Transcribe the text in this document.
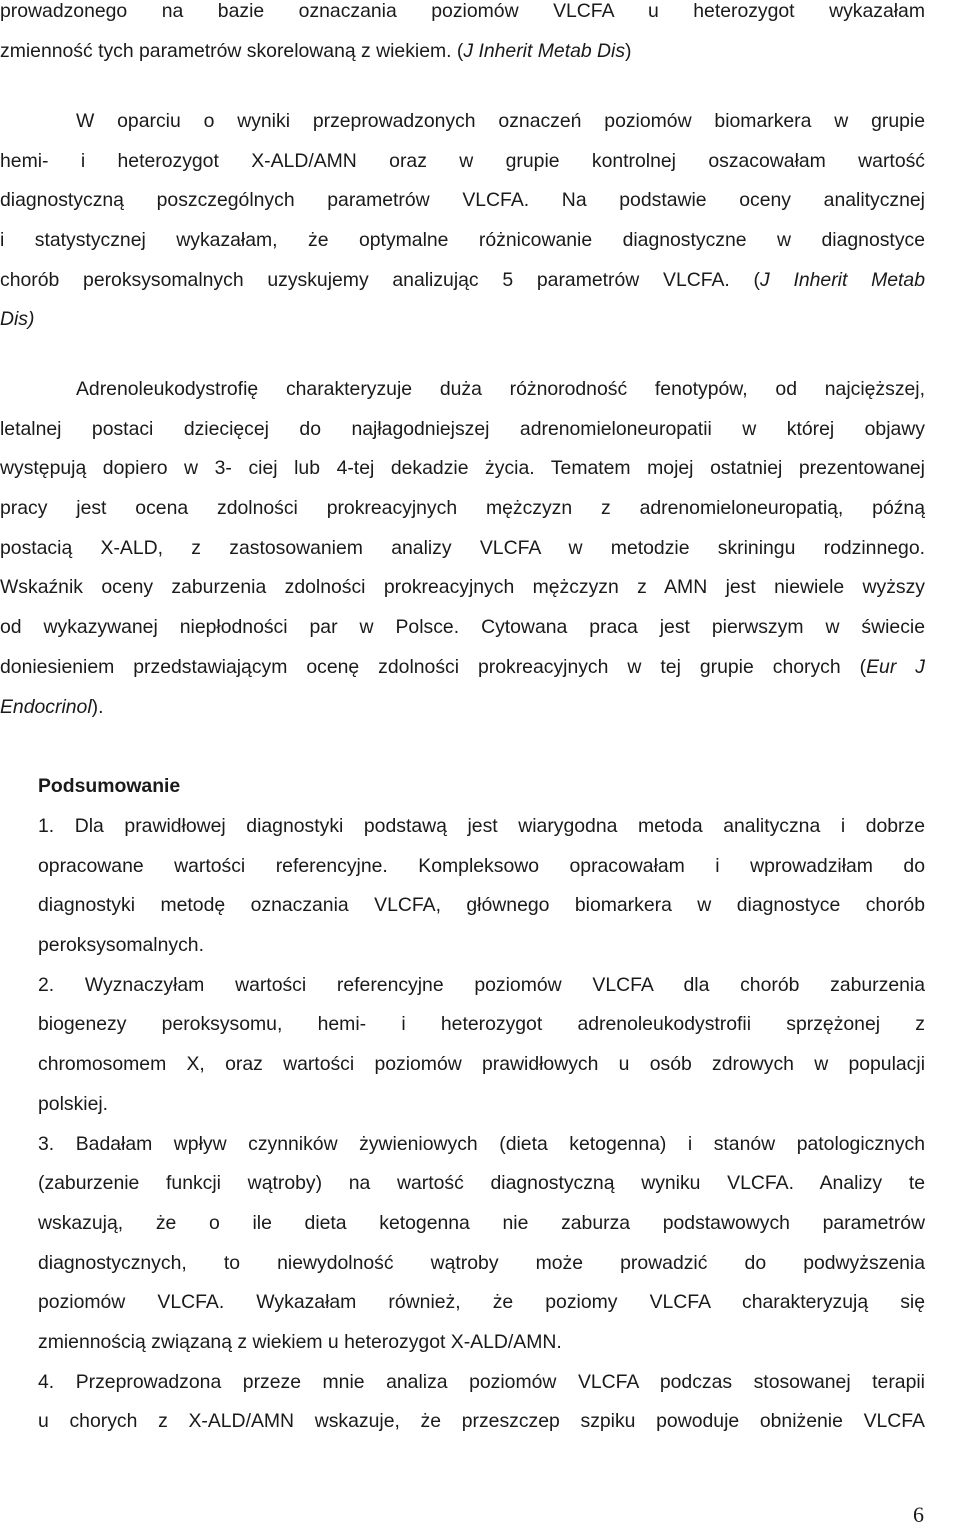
prowadzonego na bazie oznaczania poziomów VLCFA u heterozygot wykazałam
zmienność tych parametrów skorelowaną z wiekiem. (J Inherit Metab Dis)
W oparciu o wyniki przeprowadzonych oznaczeń poziomów biomarkera w grupie
hemi- i heterozygot X-ALD/AMN oraz w grupie kontrolnej oszacowałam wartość
diagnostyczną poszczególnych parametrów VLCFA. Na podstawie oceny analitycznej
i statystycznej wykazałam, że optymalne różnicowanie diagnostyczne w diagnostyce
chorób peroksysomalnych uzyskujemy analizując 5 parametrów VLCFA. (J Inherit Metab
Dis)
Adrenoleukodystrofię charakteryzuje duża różnorodność fenotypów, od najcięższej,
letalnej postaci dziecięcej do najłagodniejszej adrenomieloneuropatii w której objawy
występują dopiero w 3- ciej lub 4-tej dekadzie życia. Tematem mojej ostatniej prezentowanej
pracy jest ocena zdolności prokreacyjnych mężczyzn z adrenomieloneuropatią, późną
postacią X-ALD, z zastosowaniem analizy VLCFA w metodzie skriningu rodzinnego.
Wskaźnik oceny zaburzenia zdolności prokreacyjnych mężczyzn z AMN jest niewiele wyższy
od wykazywanej niepłodności par w Polsce. Cytowana praca jest pierwszym w świecie
doniesieniem przedstawiającym ocenę zdolności prokreacyjnych w tej grupie chorych (Eur J
Endocrinol).
Podsumowanie
1. Dla prawidłowej diagnostyki podstawą jest wiarygodna metoda analityczna i dobrze
opracowane wartości referencyjne. Kompleksowo opracowałam i wprowadziłam do
diagnostyki metodę oznaczania VLCFA, głównego biomarkera w diagnostyce chorób
peroksysomalnych.
2. Wyznaczyłam wartości referencyjne poziomów VLCFA dla chorób zaburzenia
biogenezy peroksysomu, hemi- i heterozygot adrenoleukodystrofii sprzężonej z
chromosomem X, oraz wartości poziomów prawidłowych u osób zdrowych w populacji
polskiej.
3. Badałam wpływ czynników żywieniowych (dieta ketogenna) i stanów patologicznych
(zaburzenie funkcji wątroby) na wartość diagnostyczną wyniku VLCFA. Analizy te
wskazują, że o ile dieta ketogenna nie zaburza podstawowych parametrów
diagnostycznych, to niewydolność wątroby może prowadzić do podwyższenia
poziomów VLCFA. Wykazałam również, że poziomy VLCFA charakteryzują się
zmiennością związaną z wiekiem u heterozygot X-ALD/AMN.
4. Przeprowadzona przeze mnie analiza poziomów VLCFA podczas stosowanej terapii
u chorych z X-ALD/AMN wskazuje, że przeszczep szpiku powoduje obniżenie VLCFA
6
